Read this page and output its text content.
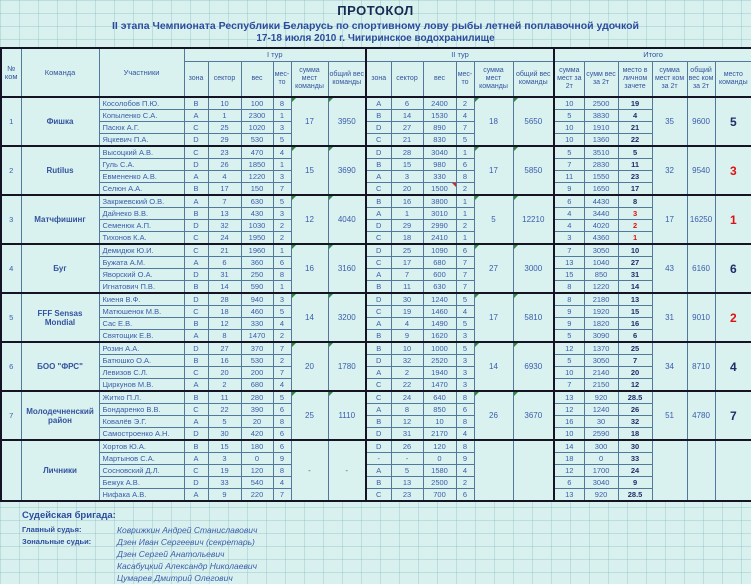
ПРОТОКОЛ
II этапа Чемпионата Республики Беларусь по спортивному лову рыбы летней поплавочной удочкой
17-18 июля 2010 г. Чигиринское водохранилище
№ ком	Команда	Участники	I тур						II тур						Итого					
			зона	сектор	вес	мес-то	сумма мест команды	общий вес команды	зона	сектор	вес	мес-то	сумма мест команды	общий вес команды	сумма мест за 2т	сумм вес за 2т	место в личном зачете	сумма мест ком за 2т	общий вес ком за 2т	место команды
1	Фишка	Косолобов П.Ю.	B	10	100	8	17	3950	A	6	2400	2	18	5650	10	2500	19	35	9600	5
		Копыленко С.А.	A	1	2300	1			B	14	1530	4			5	3830	4			
		Пасюк А.Г.	C	25	1020	3			D	27	890	7			10	1910	21			
		Яцкевич П.А.	D	29	530	5			C	21	830	5			10	1360	22			
2	Rutilus	Высоцкий А.В.	C	23	470	4	15	3690	D	28	3040	1	17	5850	5	3510	5	32	9540	3
		Гуль С.А.	D	26	1850	1			B	15	980	6			7	2830	11			
		Евмененко А.В.	A	4	1220	3			A	3	330	8			11	1550	23			
		Селюн А.А.	B	17	150	7			C	20	1500	2			9	1650	17			
3	Матчфишинг	Закржевский О.В.	A	7	630	5	12	4040	B	16	3800	1	5	12210	6	4430	8	17	16250	1
		Дайнеко В.В.	B	13	430	3			A	1	3010	1			4	3440	3			
		Семенюк А.П.	D	32	1030	2			D	29	2990	2			4	4020	2			
		Тихонов К.А.	C	24	1950	2			C	18	2410	1			3	4360	1			
4	Буг	Демидюк Ю.И.	C	21	1960	1	16	3160	D	25	1090	6	27	3000	7	3050	10	43	6160	6
		Бужата А.М.	A	6	360	6			C	17	680	7			13	1040	27			
		Яворский О.А.	D	31	250	8			A	7	600	7			15	850	31			
		Игнатович П.В.	B	14	590	1			B	11	630	7			8	1220	14			
5	FFF Sensas Mondial	Киеня В.Ф.	D	28	940	3	14	3200	D	30	1240	5	17	5810	8	2180	13	31	9010	2
		Матюшенок М.В.	C	18	460	5			C	19	1460	4			9	1920	15			
		Сас Е.В.	B	12	330	4			A	4	1490	5			9	1820	16			
		Святощик Е.В.	A	8	1470	2			B	9	1620	3			5	3090	6			
6	БОО "ФРС"	Розин А.А.	D	27	370	7	20	1780	B	10	1000	5	14	6930	12	1370	25	34	8710	4
		Батюшко О.А.	B	16	530	2			D	32	2520	3			5	3050	7			
		Левизов С.Л.	C	20	200	7			A	2	1940	3			10	2140	20			
		Циркунов М.В.	A	2	680	4			C	22	1470	3			7	2150	12			
7	Молодечненский район	Житко П.Л.	B	11	280	5	25	1110	C	24	640	8	26	3670	13	920	28.5	51	4780	7
		Бондаренко В.В.	C	22	390	6			A	8	850	6			12	1240	26			
		Ковалёв Э.Г.	A	5	20	8			B	12	10	8			16	30	32			
		Самостроенко А.Н.	D	30	420	6			D	31	2170	4			10	2590	18			
	Личники	Хортов Ю.А.	B	15	180	6	-	-	D	26	120	8			14	300	30			
		Мартынов С.А.	A	3	0	9			-	-	0	9			18	0	33			
		Сосновский Д.Л.	C	19	120	8			A	5	1580	4			12	1700	24			
		Бежук А.В.	D	33	540	4			B	13	2500	2			6	3040	9			
		Нифака А.В.	A	9	220	7			C	23	700	6			13	920	28.5			
Судейская бригада:
Главный судья:	Коврижкин Андрей Станиславович
Зональные судьи:	Дзен Иван Сергеевич (секретарь)
Дзен Сергей Анатольевич
Касабуцкий Александр Николаевич
Цумарев Дмитрий Олегович
